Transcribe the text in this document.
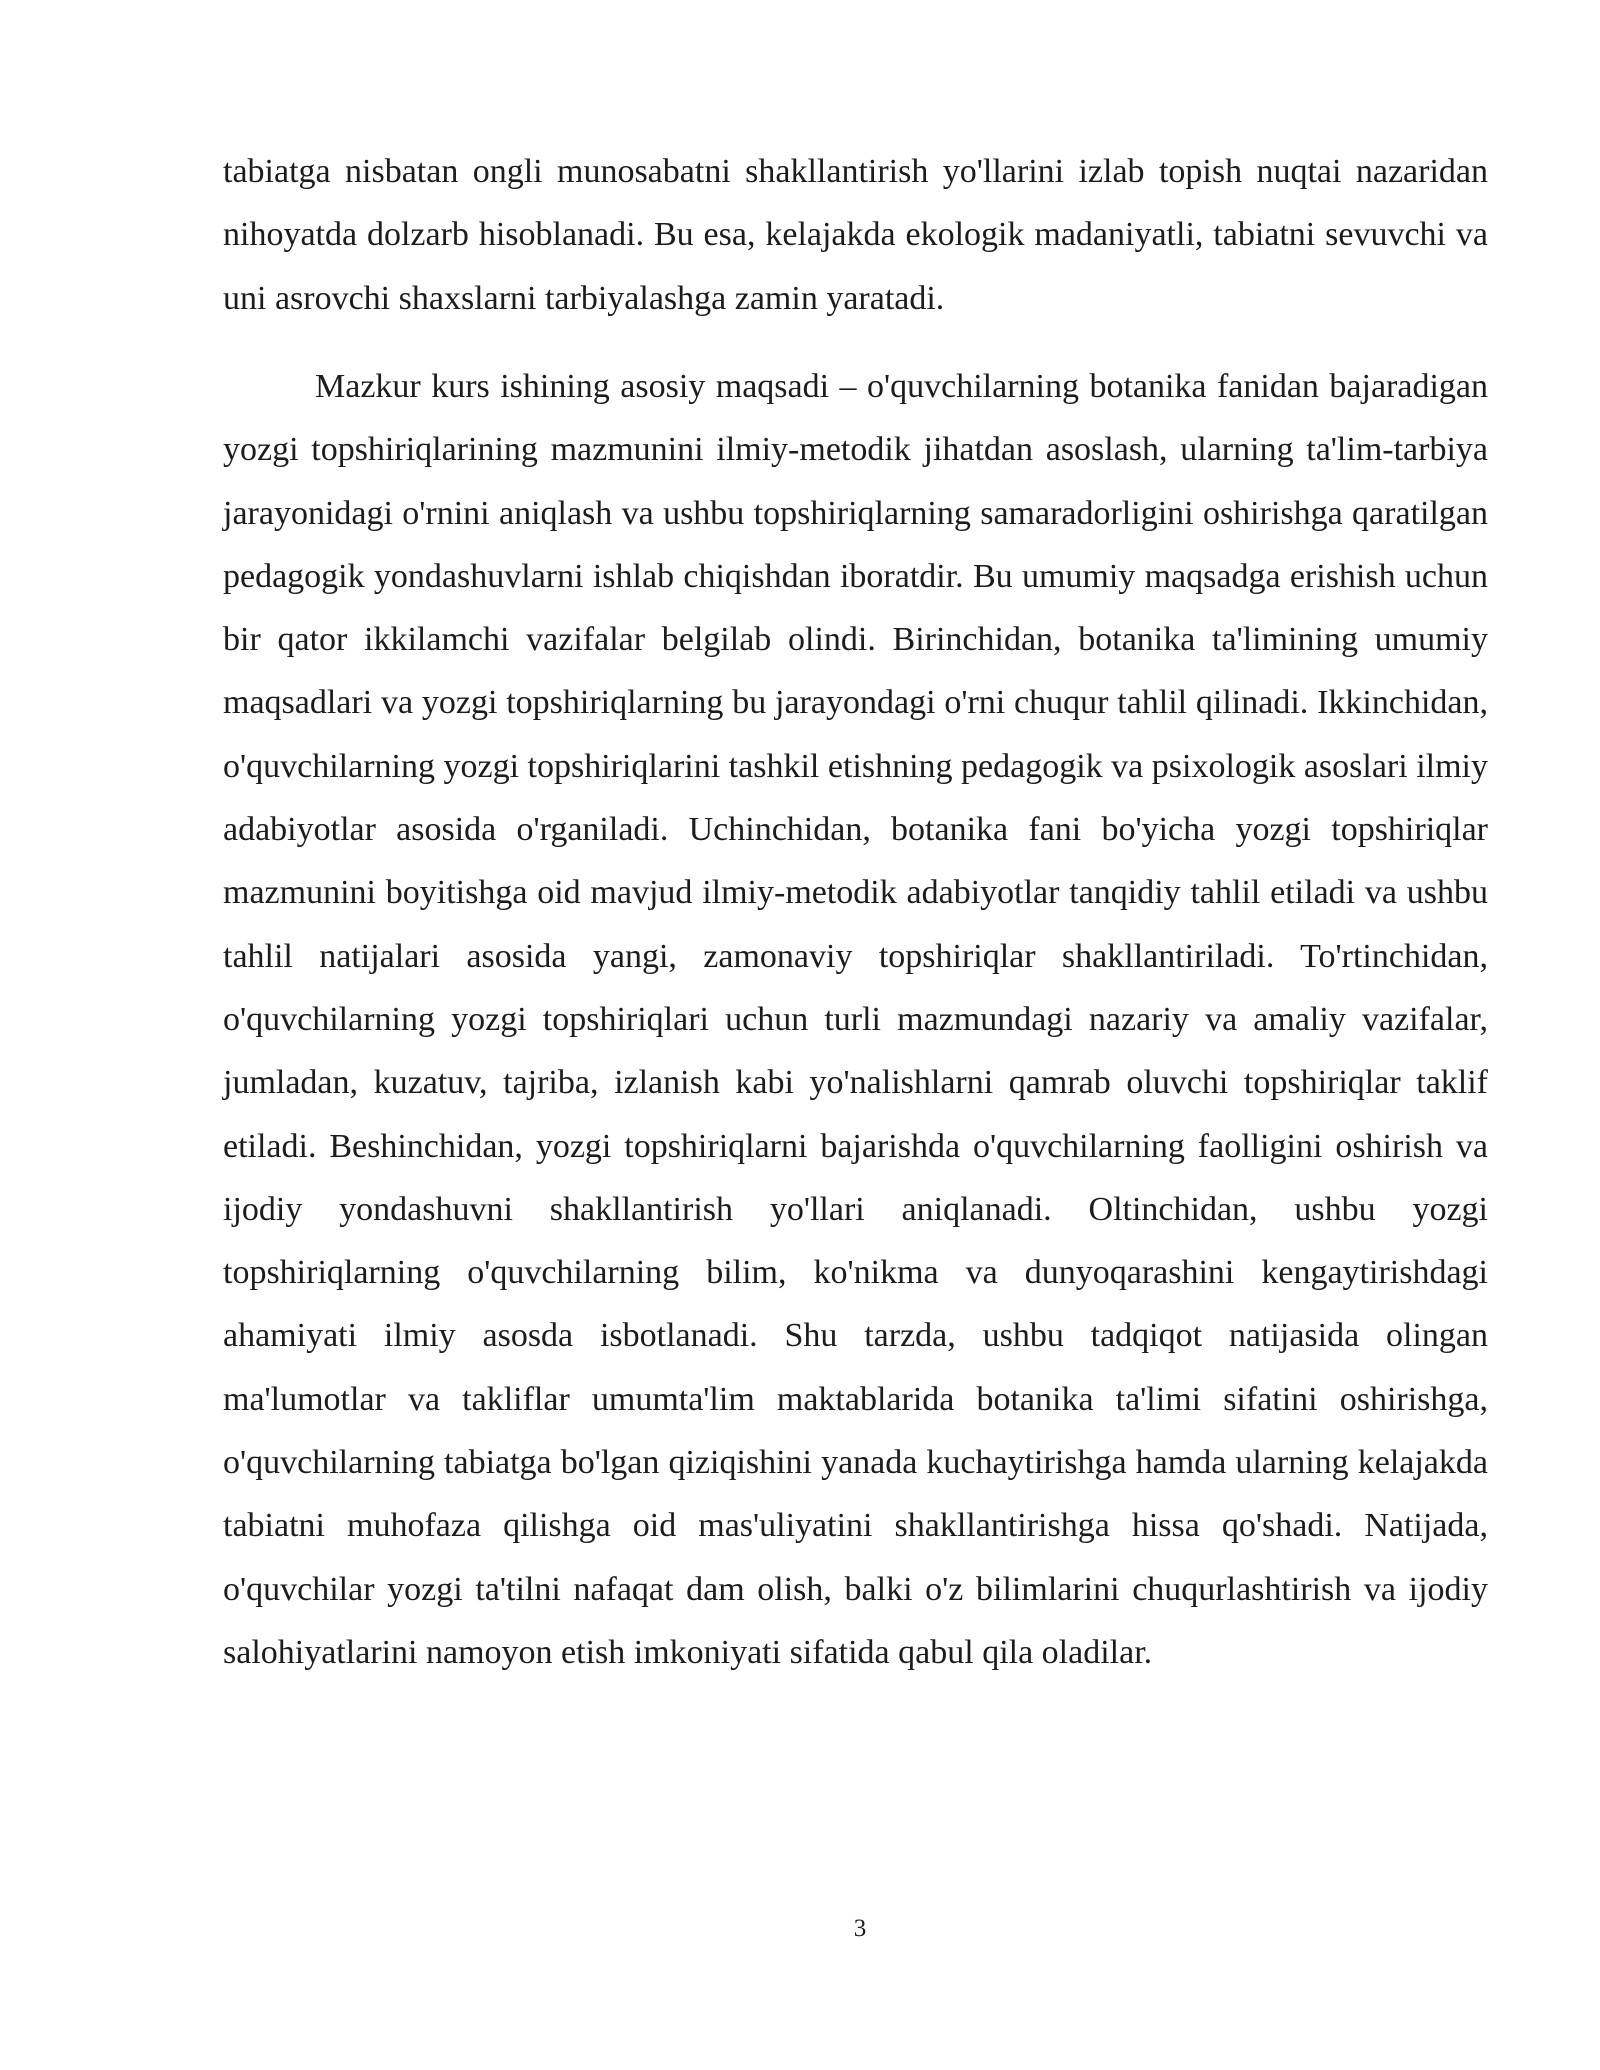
tabiatga nisbatan ongli munosabatni shakllantirish yo'llarini izlab topish nuqtai nazaridan nihoyatda dolzarb hisoblanadi. Bu esa, kelajakda ekologik madaniyatli, tabiatni sevuvchi va uni asrovchi shaxslarni tarbiyalashga zamin yaratadi.

Mazkur kurs ishining asosiy maqsadi – o'quvchilarning botanika fanidan bajaradigan yozgi topshiriqlarining mazmunini ilmiy-metodik jihatdan asoslash, ularning ta'lim-tarbiya jarayonidagi o'rnini aniqlash va ushbu topshiriqlarning samaradorligini oshirishga qaratilgan pedagogik yondashuvlarni ishlab chiqishdan iboratdir. Bu umumiy maqsadga erishish uchun bir qator ikkilamchi vazifalar belgilab olindi. Birinchidan, botanika ta'limining umumiy maqsadlari va yozgi topshiriqlarning bu jarayondagi o'rni chuqur tahlil qilinadi. Ikkinchidan, o'quvchilarning yozgi topshiriqlarini tashkil etishning pedagogik va psixologik asoslari ilmiy adabiyotlar asosida o'rganiladi. Uchinchidan, botanika fani bo'yicha yozgi topshiriqlar mazmunini boyitishga oid mavjud ilmiy-metodik adabiyotlar tanqidiy tahlil etiladi va ushbu tahlil natijalari asosida yangi, zamonaviy topshiriqlar shakllantiriladi. To'rtinchidan, o'quvchilarning yozgi topshiriqlari uchun turli mazmundagi nazariy va amaliy vazifalar, jumladan, kuzatuv, tajriba, izlanish kabi yo'nalishlarni qamrab oluvchi topshiriqlar taklif etiladi. Beshinchidan, yozgi topshiriqlarni bajarishda o'quvchilarning faolligini oshirish va ijodiy yondashuvni shakllantirish yo'llari aniqlanadi. Oltinchidan, ushbu yozgi topshiriqlarning o'quvchilarning bilim, ko'nikma va dunyoqarashini kengaytirishdagi ahamiyati ilmiy asosda isbotlanadi. Shu tarzda, ushbu tadqiqot natijasida olingan ma'lumotlar va takliflar umumta'lim maktablarida botanika ta'limi sifatini oshirishga, o'quvchilarning tabiatga bo'lgan qiziqishini yanada kuchaytirishga hamda ularning kelajakda tabiatni muhofaza qilishga oid mas'uliyatini shakllantirishga hissa qo'shadi. Natijada, o'quvchilar yozgi ta'tilni nafaqat dam olish, balki o'z bilimlarini chuqurlashtirish va ijodiy salohiyatlarini namoyon etish imkoniyati sifatida qabul qila oladilar.

3
